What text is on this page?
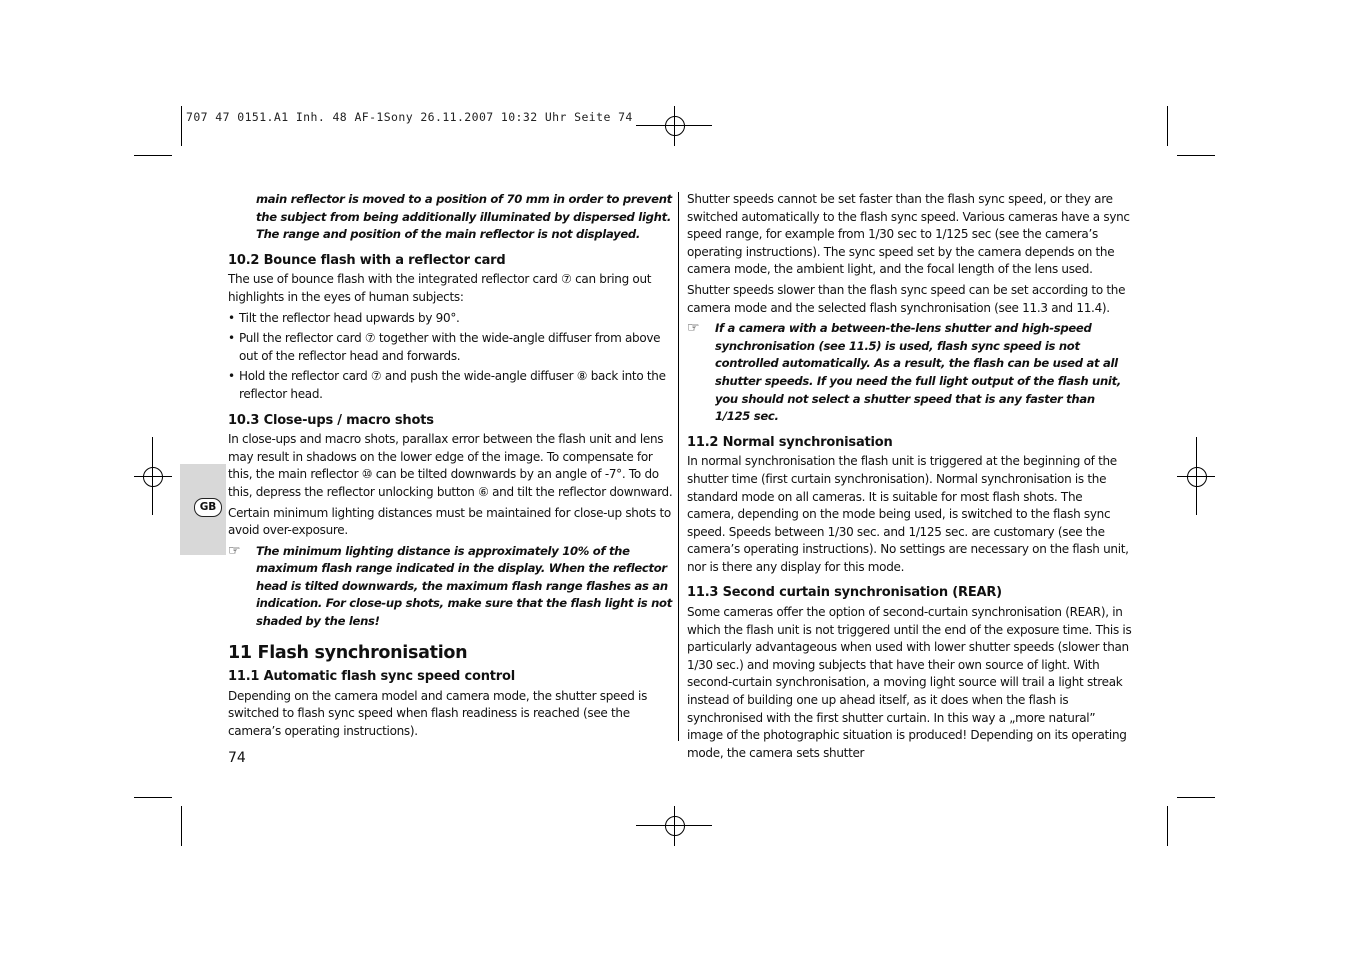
707 47 0151.A1 Inh. 48 AF-1Sony 26.11.2007 10:32 Uhr Seite 74
GB
main reflector is moved to a position of 70 mm in order to prevent the subject from being additionally illuminated by dispersed light. The range and position of the main reflector is not displayed.
10.2 Bounce flash with a reflector card

The use of bounce flash with the integrated reflector card ⑦ can bring out highlights in the eyes of human subjects:

• Tilt the reflector head upwards by 90°.
• Pull the reflector card ⑦ together with the wide-angle diffuser from above out of the reflector head and forwards.
• Hold the reflector card ⑦ and push the wide-angle diffuser ⑧ back into the reflector head.
10.3 Close-ups / macro shots

In close-ups and macro shots, parallax error between the flash unit and lens may result in shadows on the lower edge of the image. To compensate for this, the main reflector ⑩ can be tilted downwards by an angle of -7°. To do this, depress the reflector unlocking button ⑥ and tilt the reflector downward.

Certain minimum lighting distances must be maintained for close-up shots to avoid over-exposure.

☞ The minimum lighting distance is approximately 10% of the maximum flash range indicated in the display. When the reflector head is tilted downwards, the maximum flash range flashes as an indication. For close-up shots, make sure that the flash light is not shaded by the lens!
11 Flash synchronisation
11.1 Automatic flash sync speed control

Depending on the camera model and camera mode, the shutter speed is switched to flash sync speed when flash readiness is reached (see the camera’s operating instructions).

Shutter speeds cannot be set faster than the flash sync speed, or they are switched automatically to the flash sync speed. Various cameras have a sync speed range, for example from 1/30 sec to 1/125 sec (see the camera’s operating instructions). The sync speed set by the camera depends on the camera mode, the ambient light, and the focal length of the lens used.

Shutter speeds slower than the flash sync speed can be set according to the camera mode and the selected flash synchronisation (see 11.3 and 11.4).

☞ If a camera with a between-the-lens shutter and high-speed synchronisation (see 11.5) is used, flash sync speed is not controlled automatically. As a result, the flash can be used at all shutter speeds. If you need the full light output of the flash unit, you should not select a shutter speed that is any faster than 1/125 sec.
11.2 Normal synchronisation

In normal synchronisation the flash unit is triggered at the beginning of the shutter time (first curtain synchronisation). Normal synchronisation is the standard mode on all cameras. It is suitable for most flash shots. The camera, depending on the mode being used, is switched to the flash sync speed. Speeds between 1/30 sec. and 1/125 sec. are customary (see the camera’s operating instructions). No settings are necessary on the flash unit, nor is there any display for this mode.

11.3 Second curtain synchronisation (REAR)

Some cameras offer the option of second-curtain synchronisation (REAR), in which the flash unit is not triggered until the end of the exposure time. This is particularly advantageous when used with lower shutter speeds (slower than 1/30 sec.) and moving subjects that have their own source of light. With second-curtain synchronisation, a moving light source will trail a light streak instead of building one up ahead itself, as it does when the flash is synchronised with the first shutter curtain. In this way a „more natural” image of the photographic situation is produced! Depending on its operating mode, the camera sets shutter

74
